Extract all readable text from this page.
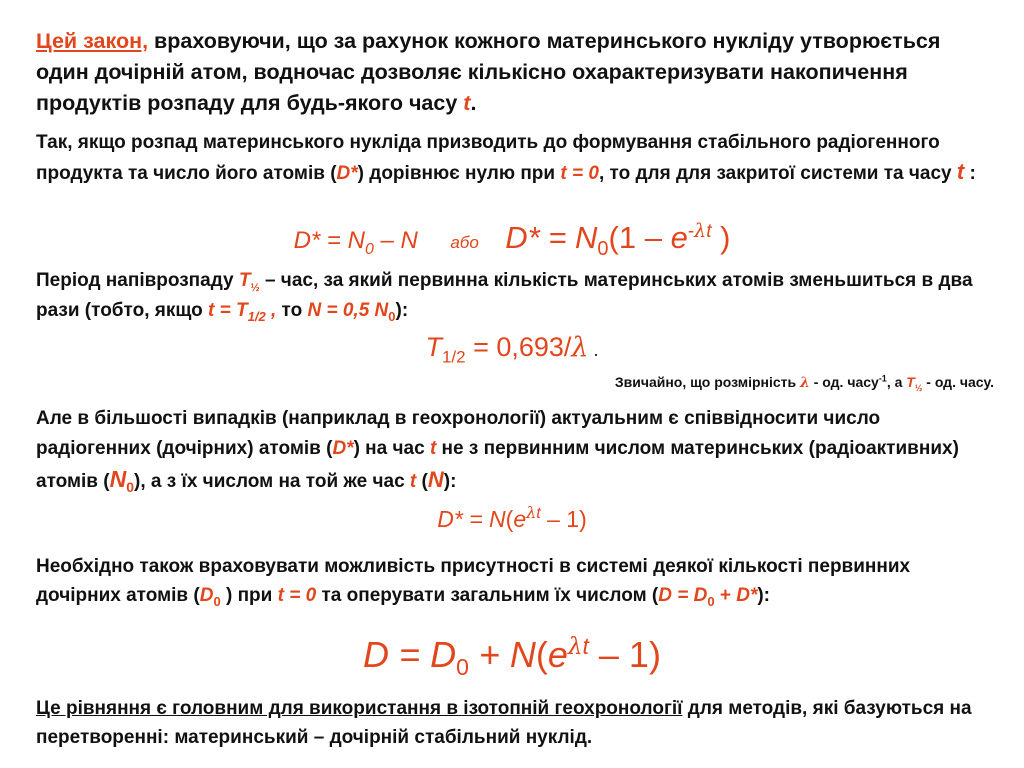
Цей закон, враховуючи, що за рахунок кожного материнського нукліду утворюється один дочірній атом, водночас дозволяє кількісно охарактеризувати накопичення продуктів розпаду для будь-якого часу t.

Так, якщо розпад материнського нукліда призводить до формування стабільного радіогенного продукта та число його атомів (D*) дорівнює нулю при t = 0, то для для закритої системи та часу t :

$D* = N_0 - N$ або $D* = N_0(1 - e^{-\lambda t}$ )

Період напіврозпаду $T_{\frac{1}{2}}$ – час, за який первинна кількість материнських атомів зменьшиться в два рази (тобто, якщо $t = T_{1/2}$ , то N = 0,5 $N_0$):

$T_{1/2} = 0,693/\lambda$ .
Звичайно, що розмірність λ - од. часу$^{-1}$, а $T_{\frac{1}{2}}$ - од. часу.

Але в більшості випадків (наприклад в геохронології) актуальним є співвідносити число радіогенних (дочірних) атомів (D*) на час t не з первинним числом материнських (радіоактивних) атомів $(N_0)$, а з їх числом на той же час t (N):

$D* = N(e^{\lambda t} - 1)$

Необхідно також враховувати можливість присутності в системі деякої кількості первинних дочірних атомів ($D_0$ ) при t = 0 та оперувати загальним їх числом $(D = D_0 + D*)$:

$D = D_0 + N(e^{\lambda t} - 1)$

Це рівняння є головним для використання в ізотопній геохронології для методів, які базуються на перетворенні: материнський – дочірній стабільний нуклід.
